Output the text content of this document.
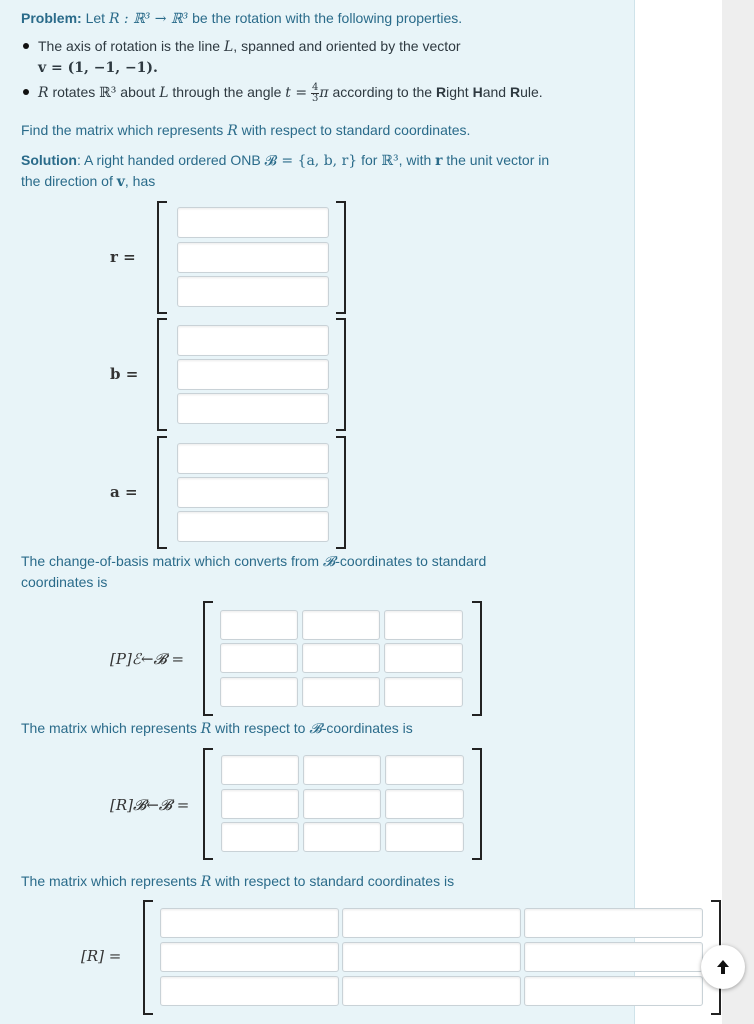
Problem: Let R : ℝ³ → ℝ³ be the rotation with the following properties.
The axis of rotation is the line L, spanned and oriented by the vector
v = (1, −1, −1).
R rotates ℝ³ about L through the angle $t = \frac{4}{3}$ π according to the Right Hand Rule.
Find the matrix which represents R with respect to standard coordinates.
Solution: A right handed ordered ONB 𝓑 = {a, b, r} for ℝ³, with r the unit vector in
the direction of v, has
r =
b =
a =
The change-of-basis matrix which converts from 𝓑-coordinates to standard
coordinates is
[P]ℰ←𝓑 =
The matrix which represents R with respect to 𝓑-coordinates is
[R]𝓑←𝓑 =
The matrix which represents R with respect to standard coordinates is
[R] =
